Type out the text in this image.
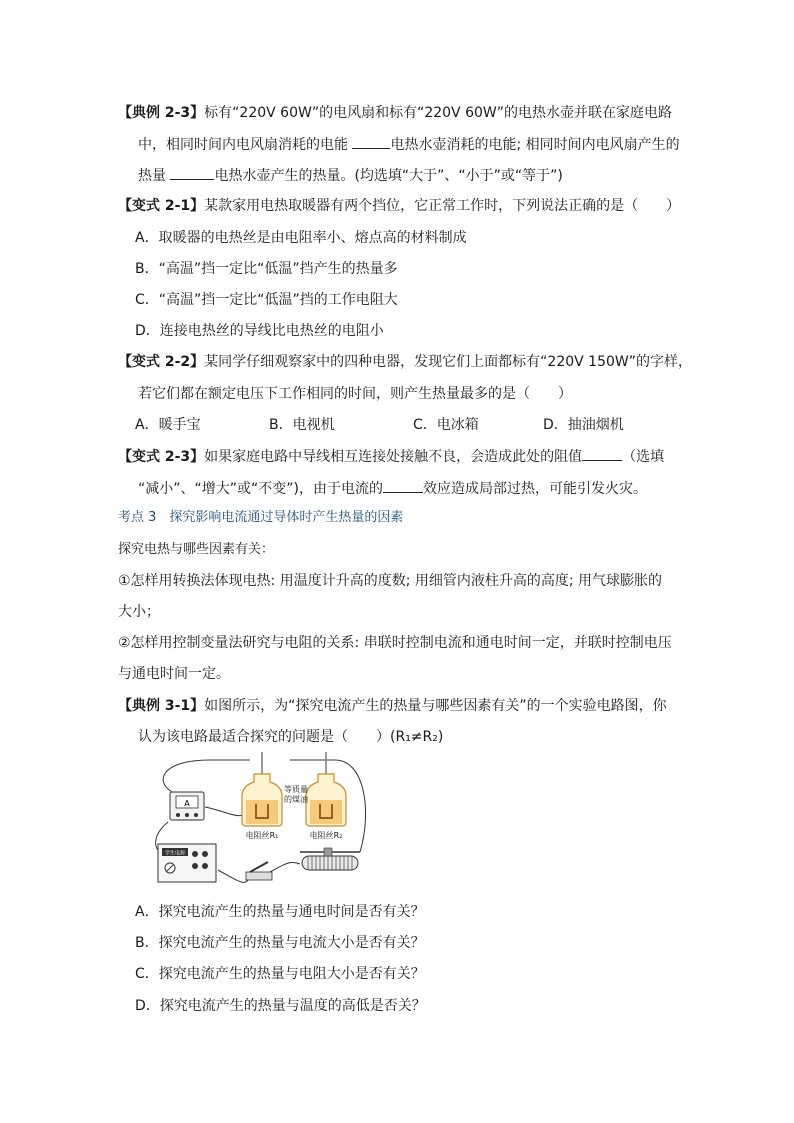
【典例 2-3】标有“220V 60W”的电风扇和标有“220V 60W”的电热水壶并联在家庭电路
中，相同时间内电风扇消耗的电能	电热水壶消耗的电能; 相同时间内电风扇产生的
热量	电热水壶产生的热量。(均选填“大于”、“小于”或“等于”)
【变式 2-1】某款家用电热取暖器有两个挡位，它正常工作时，下列说法正确的是（　　）
A．取暖器的电热丝是由电阻率小、熔点高的材料制成
B．“高温”挡一定比“低温”挡产生的热量多
C．“高温”挡一定比“低温”挡的工作电阻大
D．连接电热丝的导线比电热丝的电阻小
【变式 2-2】某同学仔细观察家中的四种电器，发现它们上面都标有“220V 150W”的字样，
若它们都在额定电压下工作相同的时间，则产生热量最多的是（　　）
A．暖手宝	B．电视机	C．电冰箱	D．抽油烟机
【变式 2-3】如果家庭电路中导线相互连接处接触不良，会造成此处的阻值	（选填
“减小”、“增大”或“不变”)，由于电流的	效应造成局部过热，可能引发火灾。
考点 3　探究影响电流通过导体时产生热量的因素
探究电热与哪些因素有关：
①怎样用转换法体现电热: 用温度计升高的度数; 用细管内液柱升高的高度; 用气球膨胀的
大小；
②怎样用控制变量法研究与电阻的关系: 串联时控制电流和通电时间一定，并联时控制电压
与通电时间一定。
【典例 3-1】如图所示，为“探究电流产生的热量与哪些因素有关”的一个实验电路图，你
认为该电路最适合探究的问题是（　　）(R₁≠R₂)
A
电阻丝R₁	电阻丝R₂
等质量
的煤油
学生电源
A．探究电流产生的热量与通电时间是否有关？
B．探究电流产生的热量与电流大小是否有关？
C．探究电流产生的热量与电阻大小是否有关？
D．探究电流产生的热量与温度的高低是否关？
